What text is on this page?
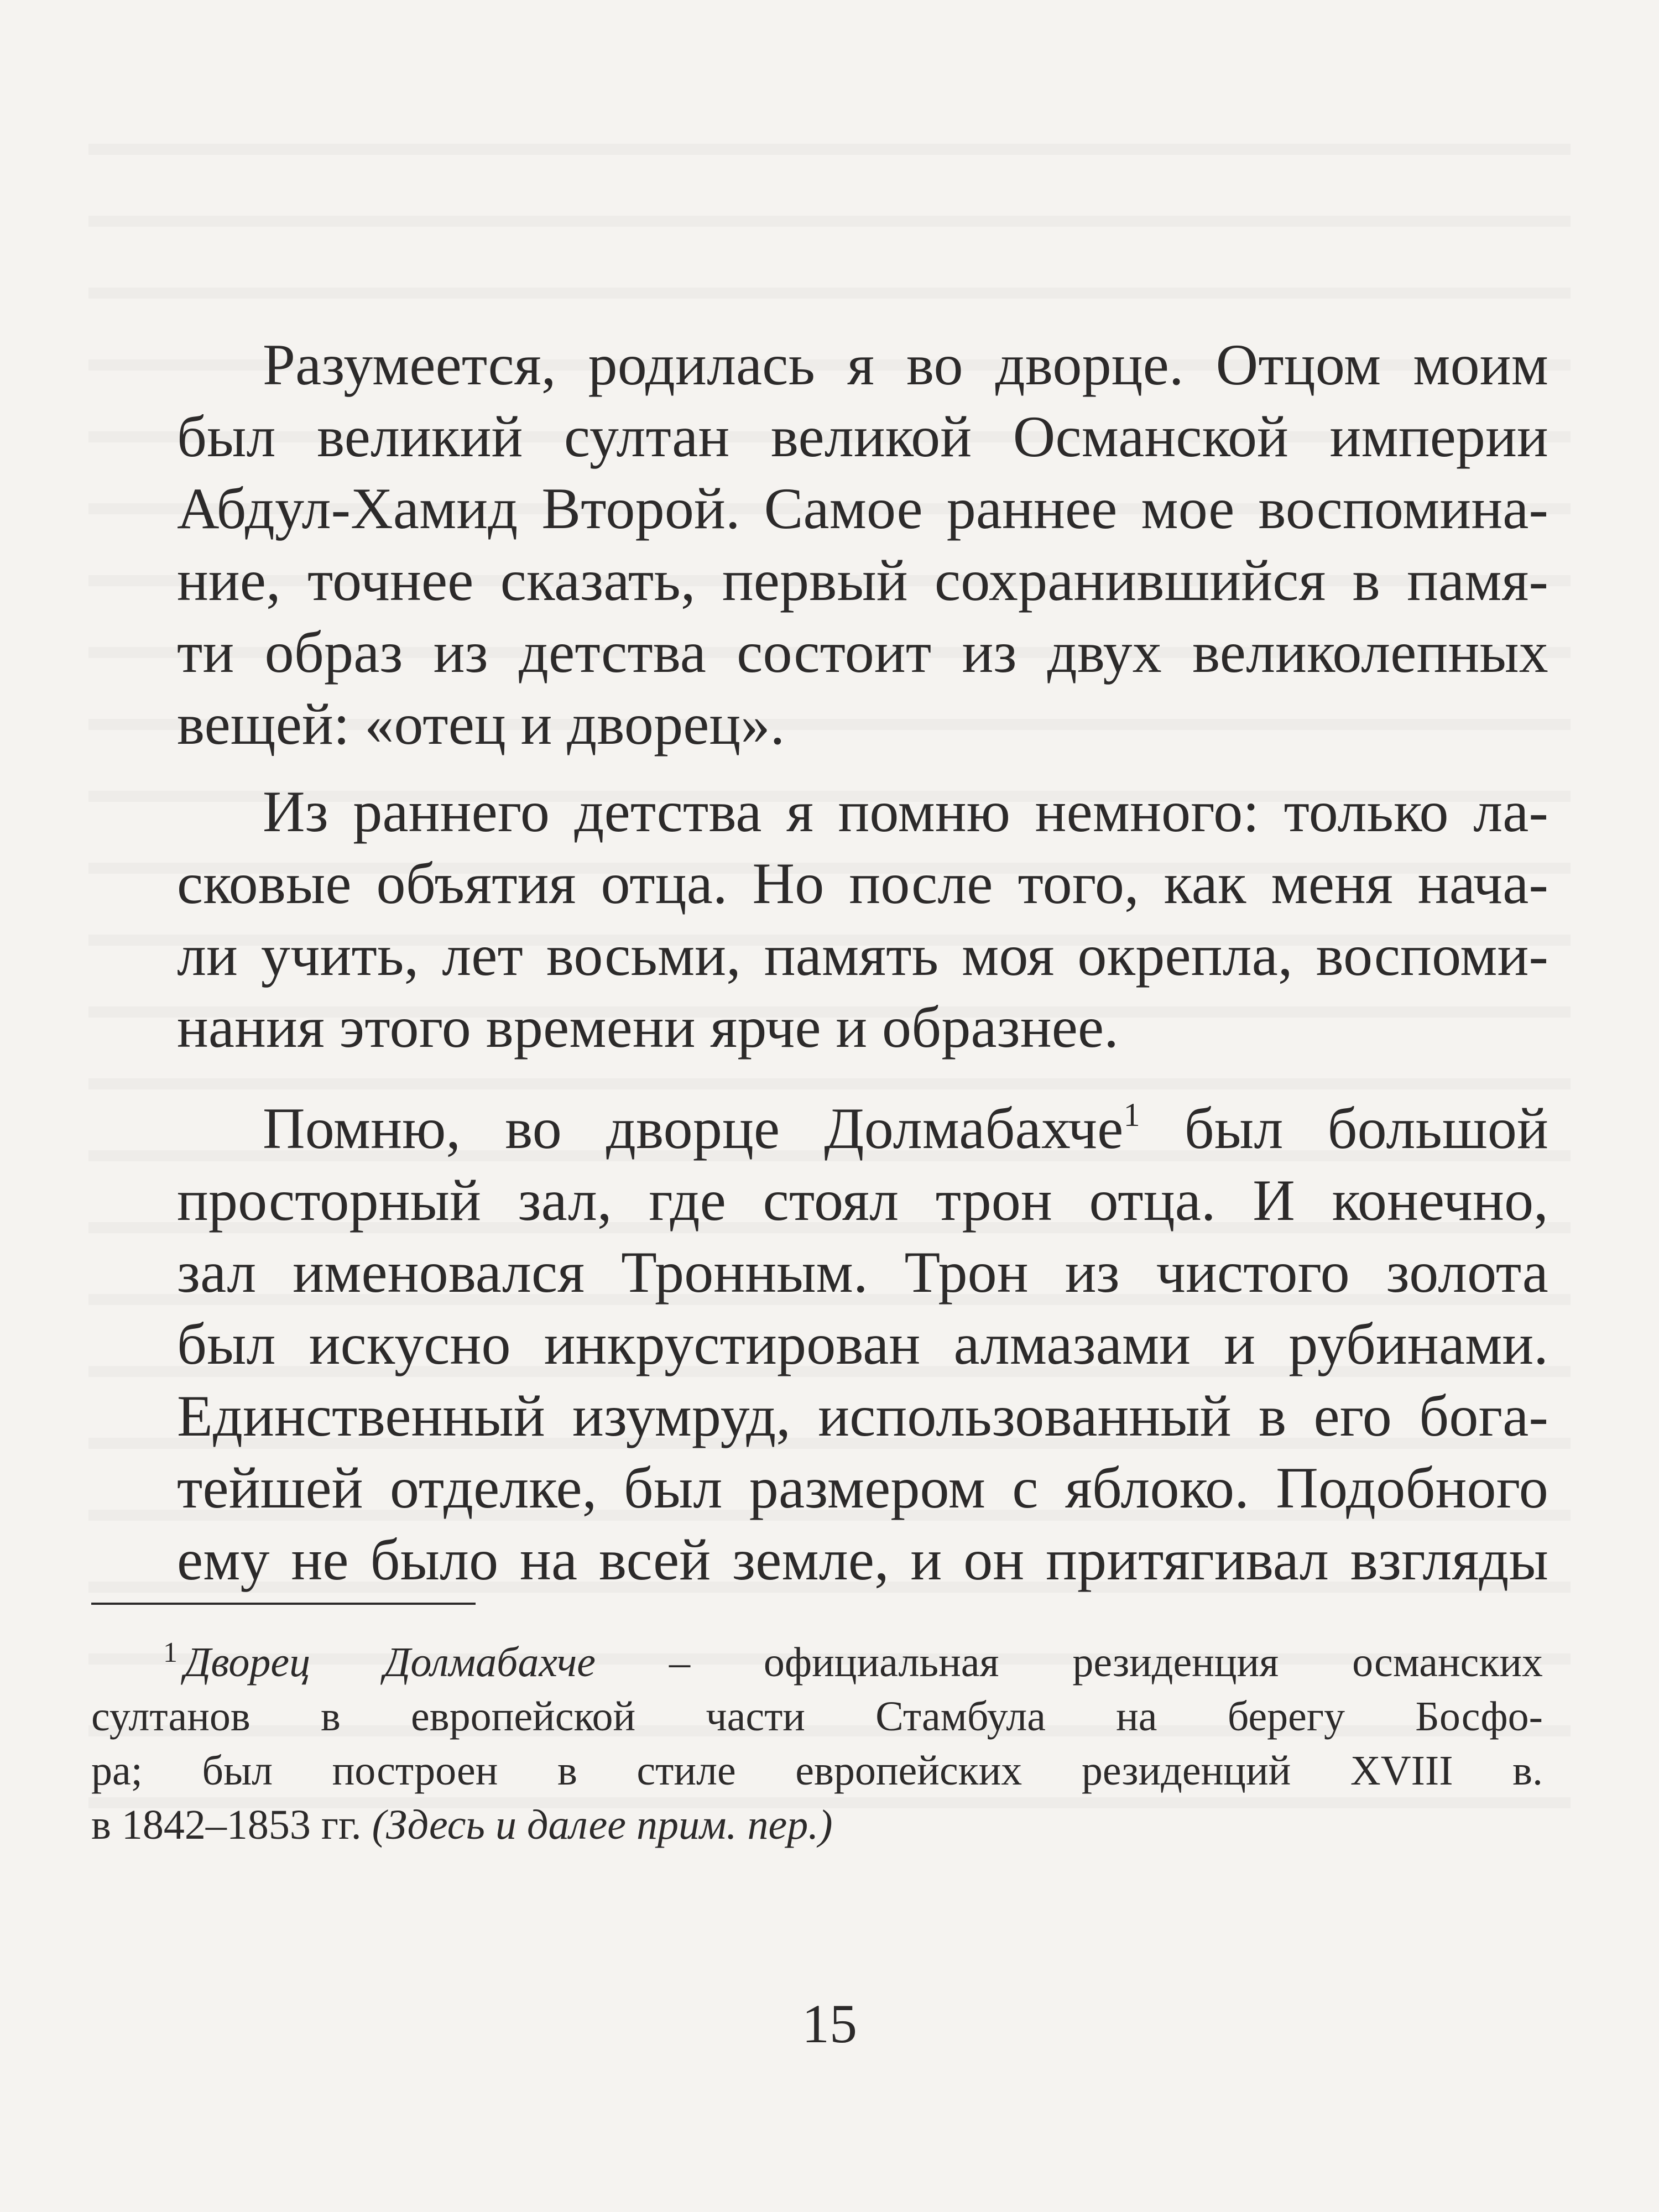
Разумеется, родилась я во дворце. Отцом моим
был великий султан великой Османской империи
Абдул-Хамид Второй. Самое раннее мое воспомина-
ние, точнее сказать, первый сохранившийся в памя-
ти образ из детства состоит из двух великолепных
вещей: «отец и дворец».
Из раннего детства я помню немного: только ла-
сковые объятия отца. Но после того, как меня нача-
ли учить, лет восьми, память моя окрепла, воспоми-
нания этого времени ярче и образнее.
Помню, во дворце Долмабахче$^1$ был большой
просторный зал, где стоял трон отца. И конечно,
зал именовался Тронным. Трон из чистого золота
был искусно инкрустирован алмазами и рубинами.
Единственный изумруд, использованный в его бога-
тейшей отделке, был размером с яблоко. Подобного
ему не было на всей земле, и он притягивал взгляды
$^1$ Дворец Долмабахче – официальная резиденция османских
султанов в европейской части Стамбула на берегу Босфо-
ра; был построен в стиле европейских резиденций XVIII в.
в 1842–1853 гг. (Здесь и далее прим. пер.)
15
